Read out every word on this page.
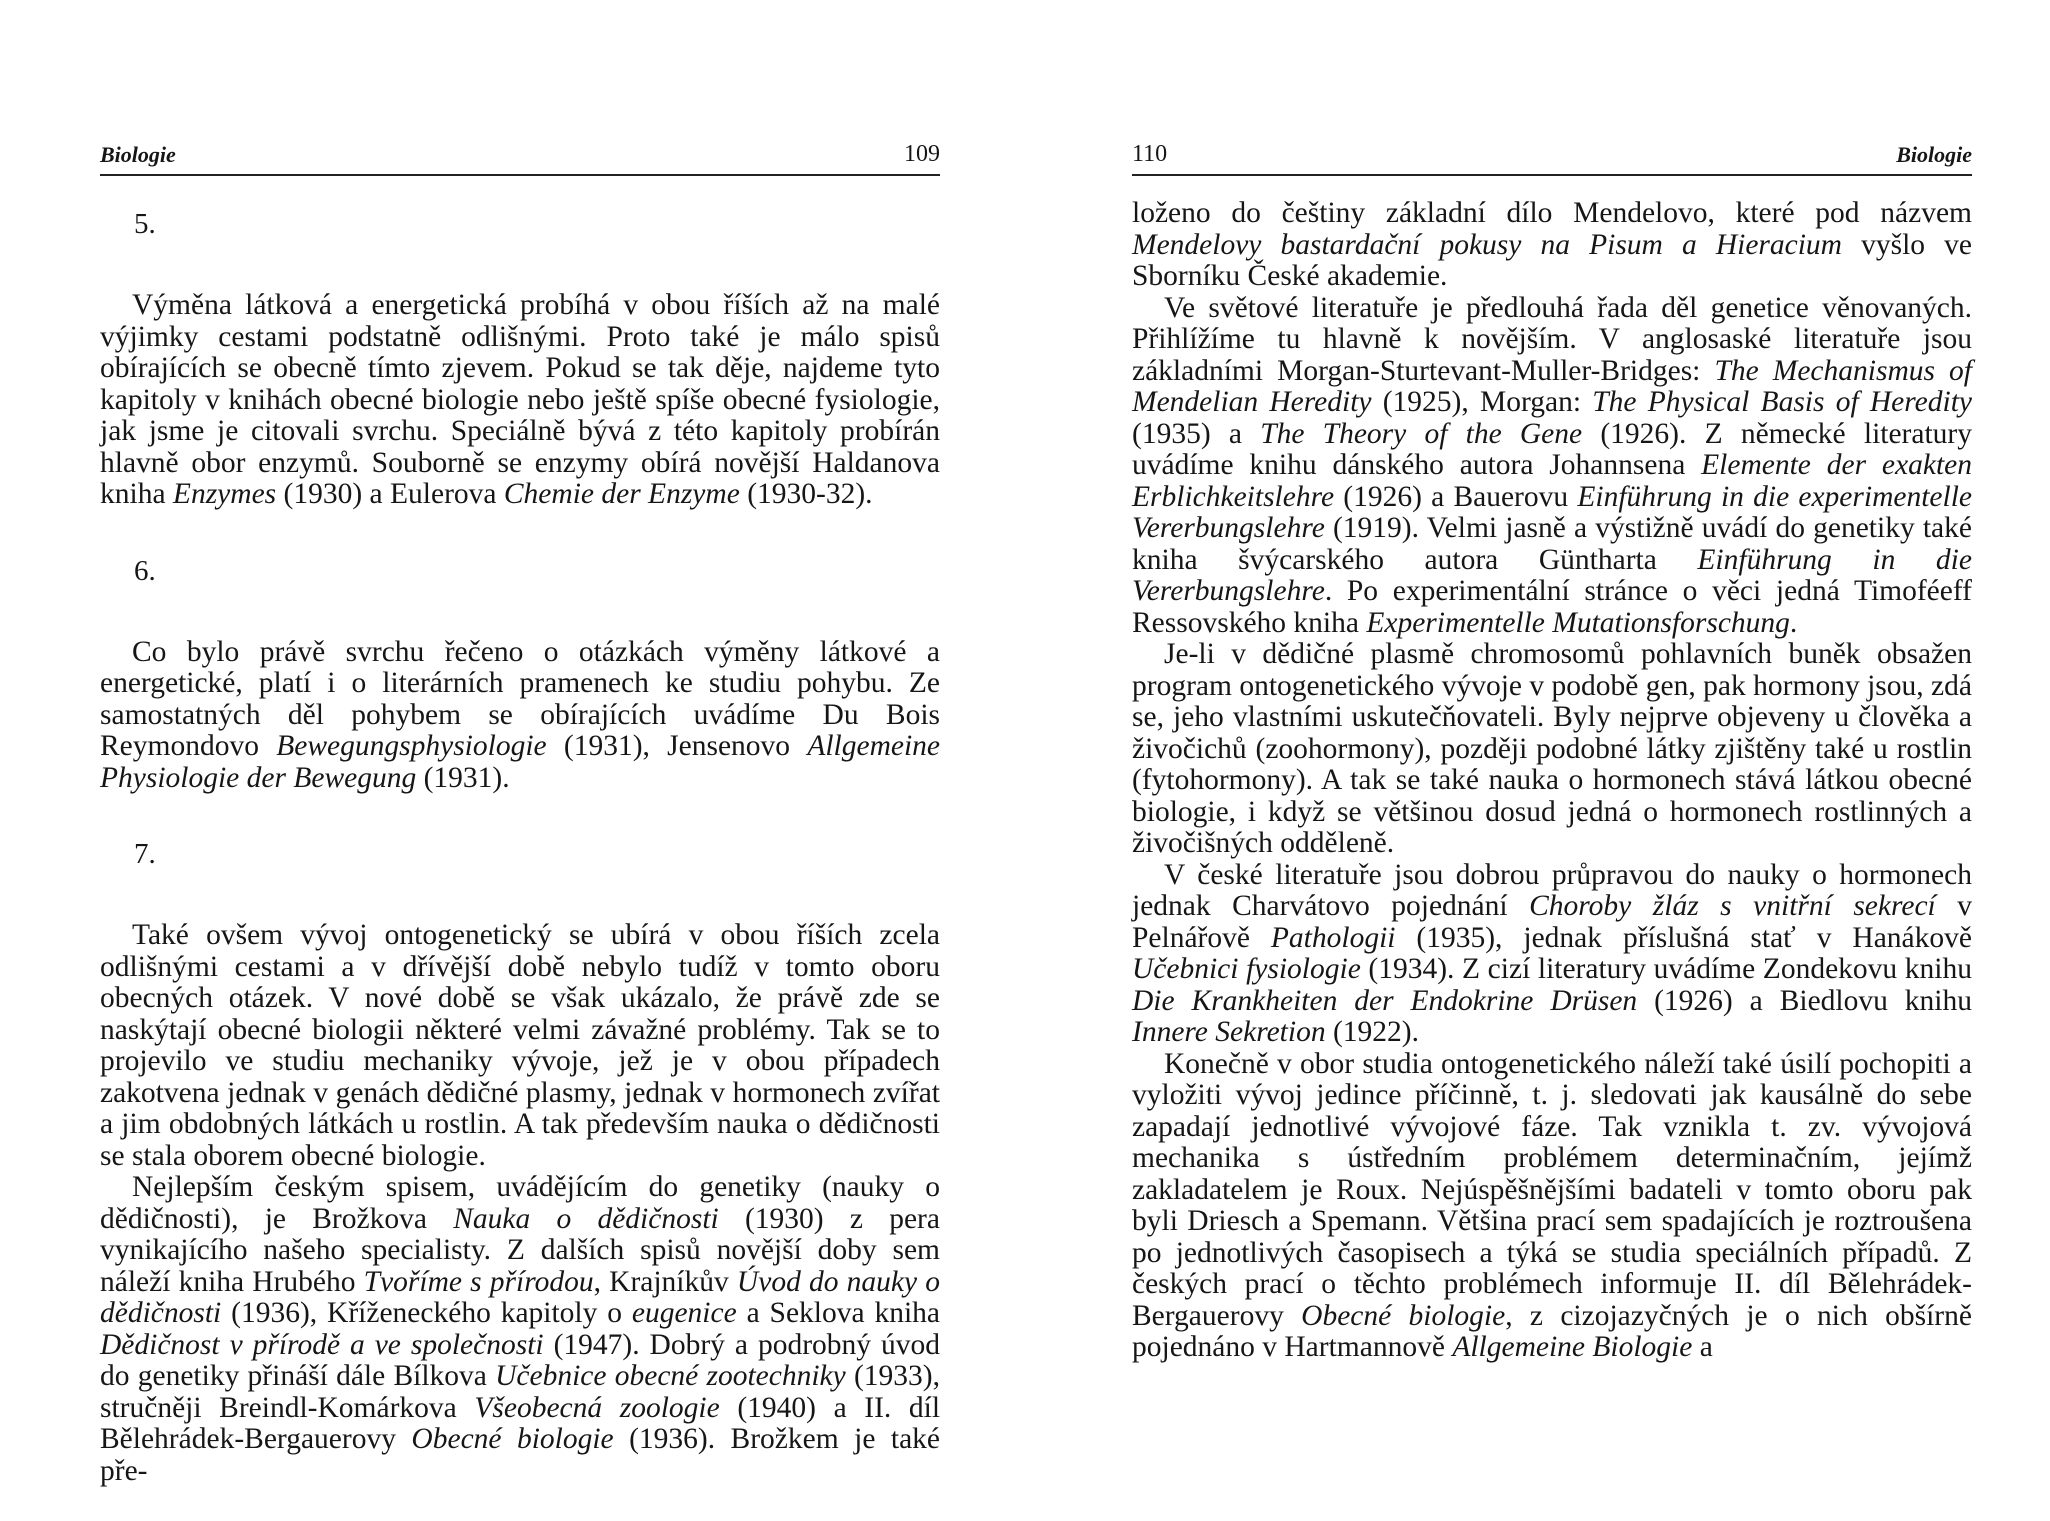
Biologie	109
5.

Výměna látková a energetická probíhá v obou říších až na malé výjimky cestami podstatně odlišnými. Proto také je málo spisů obírajících se obecně tímto zjevem. Pokud se tak děje, najdeme tyto kapitoly v knihách obecné biologie nebo ještě spíše obecné fysiologie, jak jsme je citovali svrchu. Speciálně bývá z této kapitoly probírán hlavně obor enzymů. Souborně se enzymy obírá novější Haldanova kniha Enzymes (1930) a Eulerova Chemie der Enzyme (1930-32).

6.

Co bylo právě svrchu řečeno o otázkách výměny látkové a energetické, platí i o literárních pramenech ke studiu pohybu. Ze samostatných děl pohybem se obírajících uvádíme Du Bois Reymondovo Bewegungsphysiologie (1931), Jensenovo Allgemeine Physiologie der Bewegung (1931).

7.

Také ovšem vývoj ontogenetický se ubírá v obou říších zcela odlišnými cestami a v dřívější době nebylo tudíž v tomto oboru obecných otázek. V nové době se však ukázalo, že právě zde se naskýtají obecné biologii některé velmi závažné problémy. Tak se to projevilo ve studiu mechaniky vývoje, jež je v obou případech zakotvena jednak v genách dědičné plasmy, jednak v hormonech zvířat a jim obdobných látkách u rostlin. A tak především nauka o dědičnosti se stala oborem obecné biologie.

Nejlepším českým spisem, uvádějícím do genetiky (nauky o dědičnosti), je Brožkova Nauka o dědičnosti (1930) z pera vynikajícího našeho specialisty. Z dalších spisů novější doby sem náleží kniha Hrubého Tvoříme s přírodou, Krajníkův Úvod do nauky o dědičnosti (1936), Kříženeckého kapitoly o eugenice a Seklova kniha Dědičnost v přírodě a ve společnosti (1947). Dobrý a podrobný úvod do genetiky přináší dále Bílkova Učebnice obecné zootechniky (1933), stručněji Breindl-Komárkova Všeobecná zoologie (1940) a II. díl Bělehrádek-Bergauerovy Obecné biologie (1936). Brožkem je také pře-

110	Biologie

loženo do češtiny základní dílo Mendelovo, které pod názvem Mendelovy bastardační pokusy na Pisum a Hieracium vyšlo ve Sborníku České akademie.

Ve světové literatuře je předlouhá řada děl genetice věnovaných. Přihlížíme tu hlavně k novějším. V anglosaské literatuře jsou základními Morgan-Sturtevant-Muller-Bridges: The Mechanismus of Mendelian Heredity (1925), Morgan: The Physical Basis of Heredity (1935) a The Theory of the Gene (1926). Z německé literatury uvádíme knihu dánského autora Johannsena Elemente der exakten Erblichkeitslehre (1926) a Bauerovu Einführung in die experimentelle Vererbungslehre (1919). Velmi jasně a výstižně uvádí do genetiky také kniha švýcarského autora Güntharta Einführung in die Vererbungslehre. Po experimentální stránce o věci jedná Timoféeff Ressovského kniha Experimentelle Mutationsforschung.

Je-li v dědičné plasmě chromosomů pohlavních buněk obsažen program ontogenetického vývoje v podobě gen, pak hormony jsou, zdá se, jeho vlastními uskutečňovateli. Byly nejprve objeveny u člověka a živočichů (zoohormony), později podobné látky zjištěny také u rostlin (fytohormony). A tak se také nauka o hormonech stává látkou obecné biologie, i když se většinou dosud jedná o hormonech rostlinných a živočišných odděleně.

V české literatuře jsou dobrou průpravou do nauky o hormonech jednak Charvátovo pojednání Choroby žláz s vnitřní sekrecí v Pelnářově Pathologii (1935), jednak příslušná stať v Hanákově Učebnici fysiologie (1934). Z cizí literatury uvádíme Zondekovu knihu Die Krankheiten der Endokrine Drüsen (1926) a Biedlovu knihu Innere Sekretion (1922).

Konečně v obor studia ontogenetického náleží také úsilí pochopiti a vyložiti vývoj jedince příčinně, t. j. sledovati jak kausálně do sebe zapadají jednotlivé vývojové fáze. Tak vznikla t. zv. vývojová mechanika s ústředním problémem determinačním, jejímž zakladatelem je Roux. Nejúspěšnějšími badateli v tomto oboru pak byli Driesch a Spemann. Většina prací sem spadajících je roztroušena po jednotlivých časopisech a týká se studia speciálních případů. Z českých prací o těchto problémech informuje II. díl Bělehrádek-Bergauerovy Obecné biologie, z cizojazyčných je o nich obšírně pojednáno v Hartmannově Allgemeine Biologie a
